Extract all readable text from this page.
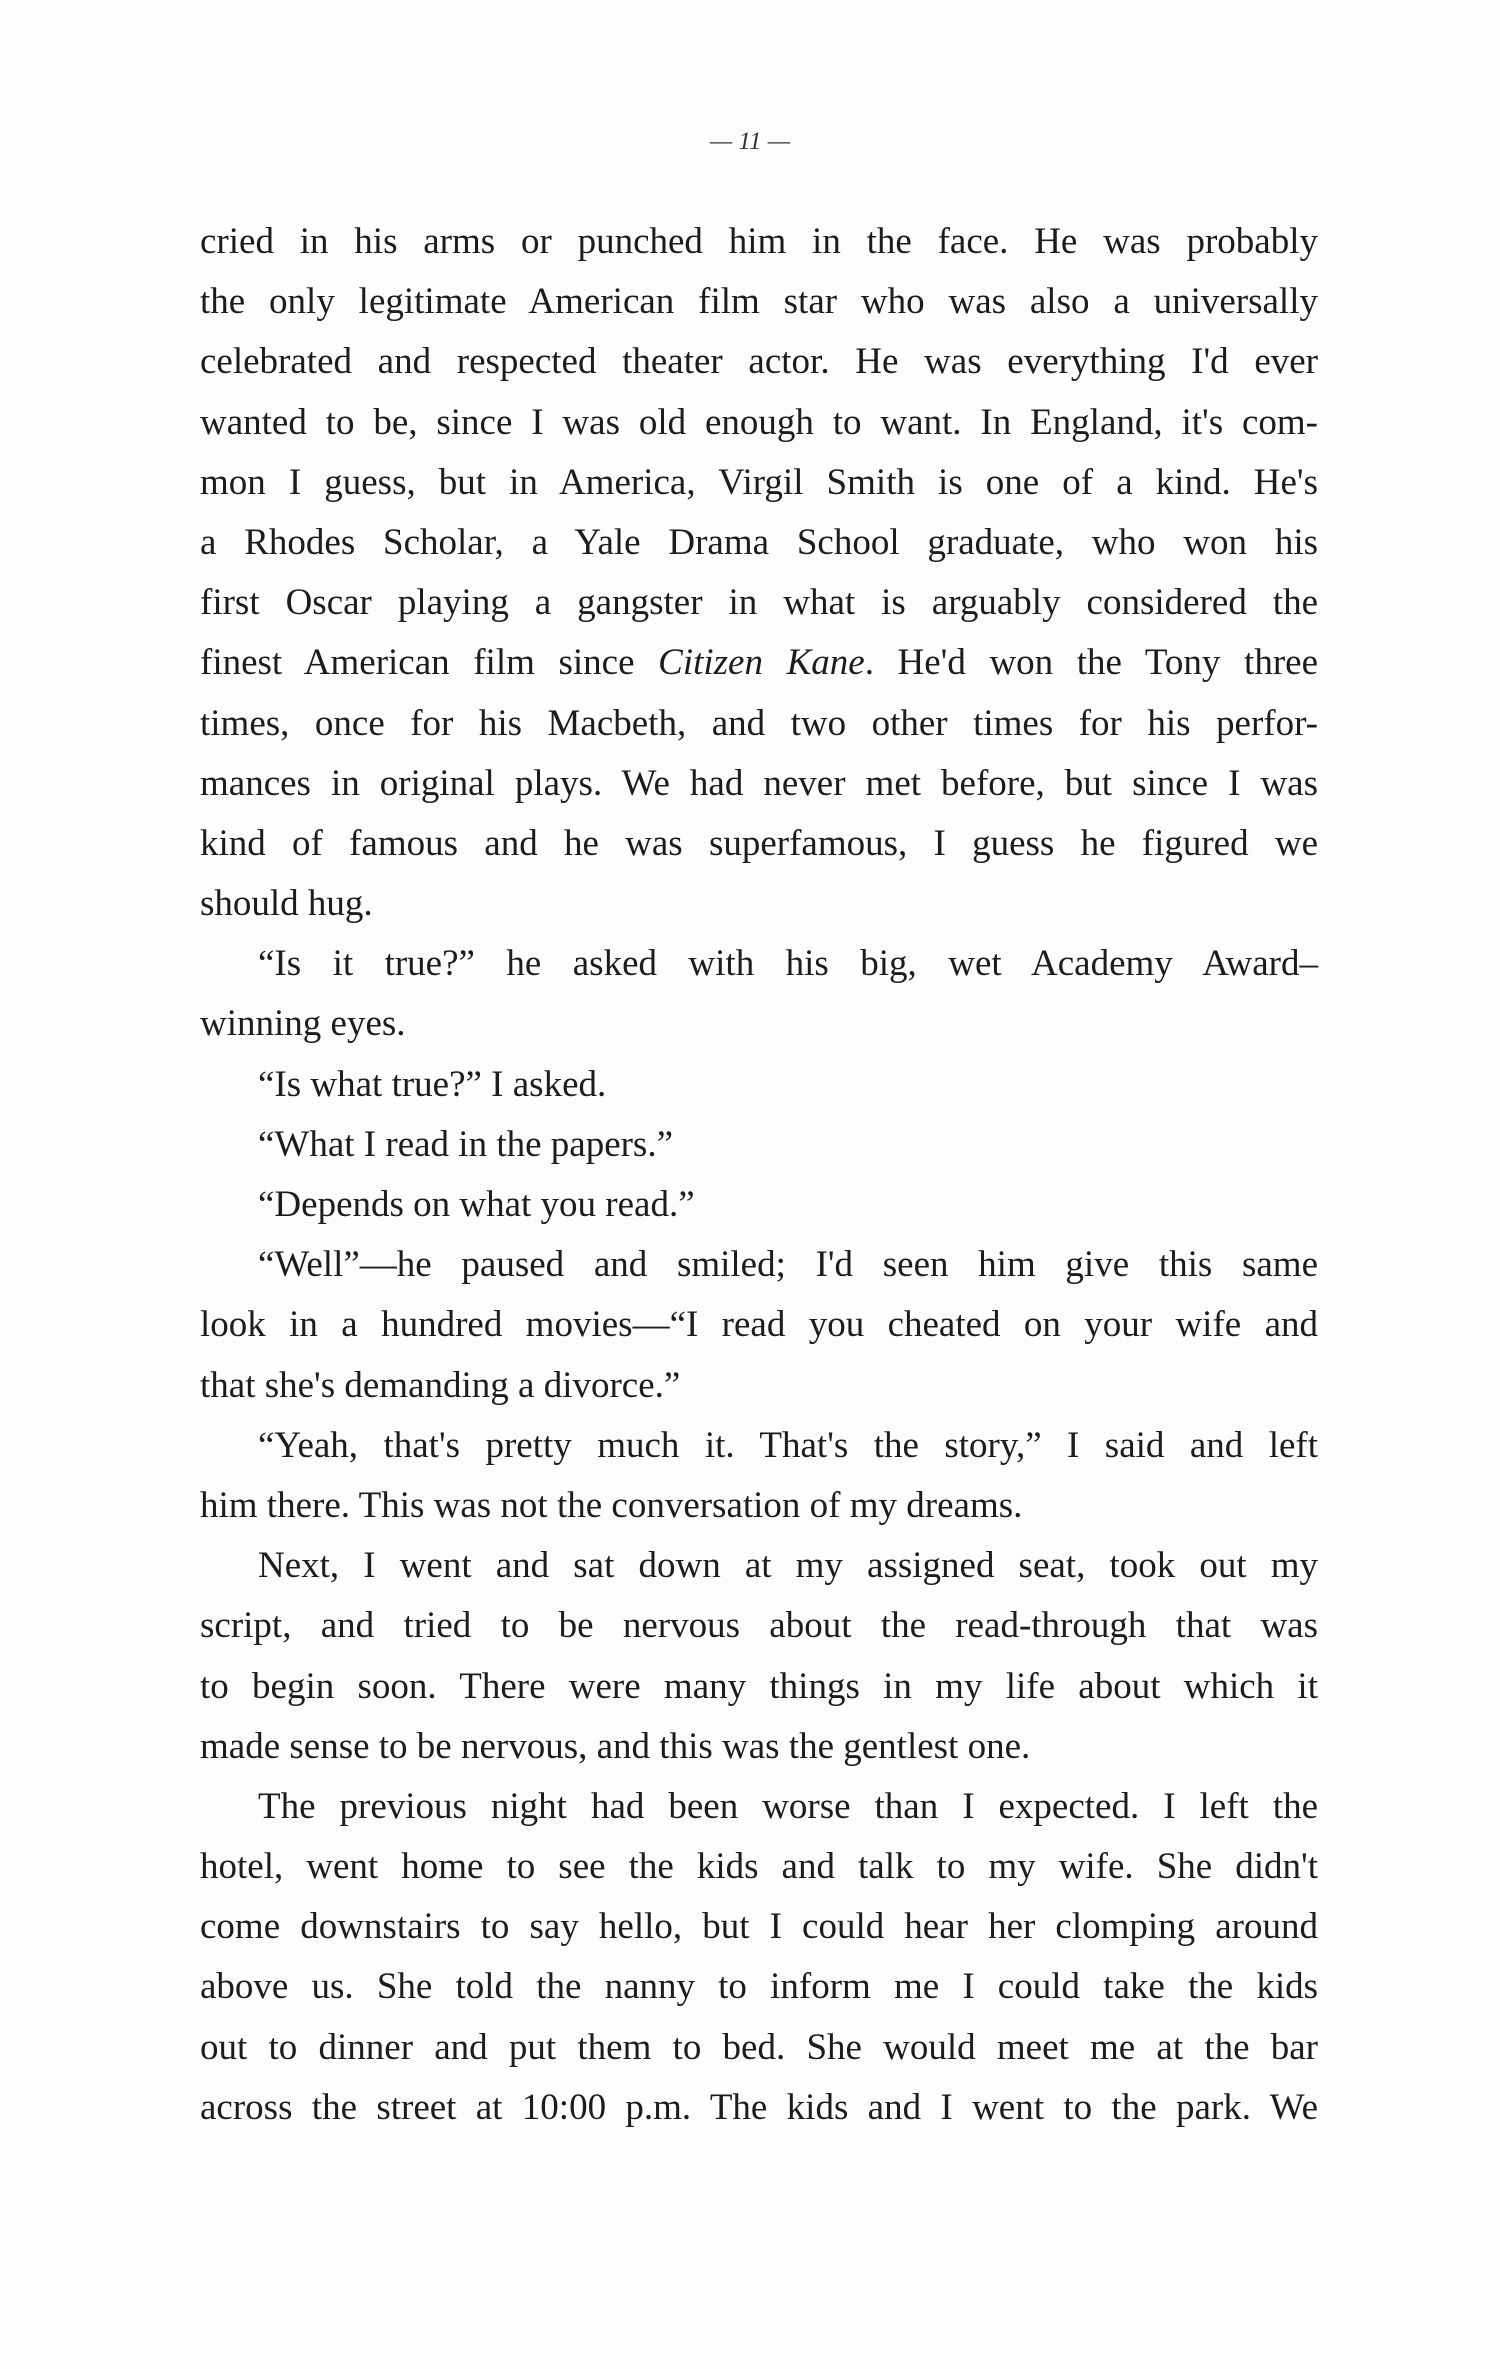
— 11 —
cried in his arms or punched him in the face. He was probably
the only legitimate American film star who was also a universally
celebrated and respected theater actor. He was everything I'd ever
wanted to be, since I was old enough to want. In England, it's com-
mon I guess, but in America, Virgil Smith is one of a kind. He's
a Rhodes Scholar, a Yale Drama School graduate, who won his
first Oscar playing a gangster in what is arguably considered the
finest American film since Citizen Kane. He'd won the Tony three
times, once for his Macbeth, and two other times for his perfor-
mances in original plays. We had never met before, but since I was
kind of famous and he was superfamous, I guess he figured we
should hug.
“Is it true?” he asked with his big, wet Academy Award–
winning eyes.
“Is what true?” I asked.
“What I read in the papers.”
“Depends on what you read.”
“Well”—he paused and smiled; I'd seen him give this same
look in a hundred movies—“I read you cheated on your wife and
that she's demanding a divorce.”
“Yeah, that's pretty much it. That's the story,” I said and left
him there. This was not the conversation of my dreams.
Next, I went and sat down at my assigned seat, took out my
script, and tried to be nervous about the read-through that was
to begin soon. There were many things in my life about which it
made sense to be nervous, and this was the gentlest one.
The previous night had been worse than I expected. I left the
hotel, went home to see the kids and talk to my wife. She didn't
come downstairs to say hello, but I could hear her clomping around
above us. She told the nanny to inform me I could take the kids
out to dinner and put them to bed. She would meet me at the bar
across the street at 10:00 p.m. The kids and I went to the park. We
